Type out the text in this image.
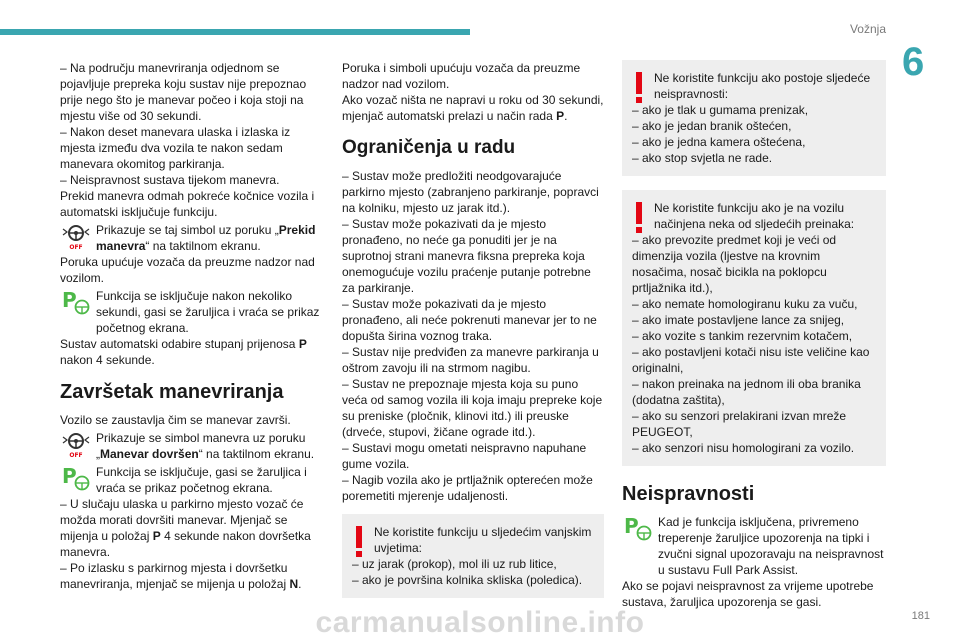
Vožnja
6
181

– Na području manevriranja odjednom se pojavljuje prepreka koju sustav nije prepoznao prije nego što je manevar počeo i koja stoji na mjestu više od 30 sekundi.

– Nakon deset manevara ulaska i izlaska iz mjesta između dva vozila te nakon sedam manevara okomitog parkiranja.

– Neispravnost sustava tijekom manevra.

Prekid manevra odmah pokreće kočnice vozila i automatski isključuje funkciju.

OFF
Prikazuje se taj simbol uz poruku „Prekid manevra“ na taktilnom ekranu.

Poruka upućuje vozača da preuzme nadzor nad vozilom.

P Funkcija se isključuje nakon nekoliko sekundi, gasi se žaruljica i vraća se prikaz početnog ekrana.

Sustav automatski odabire stupanj prijenosa P nakon 4 sekunde.

Završetak manevriranja

Vozilo se zaustavlja čim se manevar završi.

OFF
Prikazuje se simbol manevra uz poruku „Manevar dovršen“ na taktilnom ekranu.
P Funkcija se isključuje, gasi se žaruljica i vraća se prikaz početnog ekrana.

– U slučaju ulaska u parkirno mjesto vozač će možda morati dovršiti manevar. Mjenjač se mijenja u položaj P 4 sekunde nakon dovršetka manevra.

– Po izlasku s parkirnog mjesta i dovršetku manevriranja, mjenjač se mijenja u položaj N.

Poruka i simboli upućuju vozača da preuzme nadzor nad vozilom.

Ako vozač ništa ne napravi u roku od 30 sekundi, mjenjač automatski prelazi u način rada P.

Ograničenja u radu

– Sustav može predložiti neodgovarajuće parkirno mjesto (zabranjeno parkiranje, popravci na kolniku, mjesto uz jarak itd.).

– Sustav može pokazivati da je mjesto pronađeno, no neće ga ponuditi jer je na suprotnoj strani manevra fiksna prepreka koja onemogućuje vozilu praćenje putanje potrebne za parkiranje.

– Sustav može pokazivati da je mjesto pronađeno, ali neće pokrenuti manevar jer to ne dopušta širina voznog traka.

– Sustav nije predviđen za manevre parkiranja u oštrom zavoju ili na strmom nagibu.

– Sustav ne prepoznaje mjesta koja su puno veća od samog vozila ili koja imaju prepreke koje su preniske (pločnik, klinovi itd.) ili preuske (drveće, stupovi, žičane ograde itd.).

– Sustavi mogu ometati neispravno napuhane gume vozila.

– Nagib vozila ako je prtljažnik opterećen može poremetiti mjerenje udaljenosti.

Ne koristite funkciju u sljedećim vanjskim uvjetima:

– uz jarak (prokop), mol ili uz rub litice,

– ako je površina kolnika skliska (poledica).

Ne koristite funkciju ako postoje sljedeće neispravnosti:

– ako je tlak u gumama prenizak,

– ako je jedan branik oštećen,

– ako je jedna kamera oštećena,

– ako stop svjetla ne rade.

Ne koristite funkciju ako je na vozilu načinjena neka od sljedećih preinaka:

– ako prevozite predmet koji je veći od dimenzija vozila (ljestve na krovnim nosačima, nosač bicikla na poklopcu prtljažnika itd.),

– ako nemate homologiranu kuku za vuču,

– ako imate postavljene lance za snijeg,

– ako vozite s tankim rezervnim kotačem,

– ako postavljeni kotači nisu iste veličine kao originalni,

– nakon preinaka na jednom ili oba branika (dodatna zaštita),

– ako su senzori prelakirani izvan mreže PEUGEOT,

– ako senzori nisu homologirani za vozilo.

Neispravnosti
P Kad je funkcija isključena, privremeno treperenje žaruljice upozorenja na tipki i zvučni signal upozoravaju na neispravnost u sustavu Full Park Assist.

Ako se pojavi neispravnost za vrijeme upotrebe sustava, žaruljica upozorenja se gasi.

carmanualsonline.info
